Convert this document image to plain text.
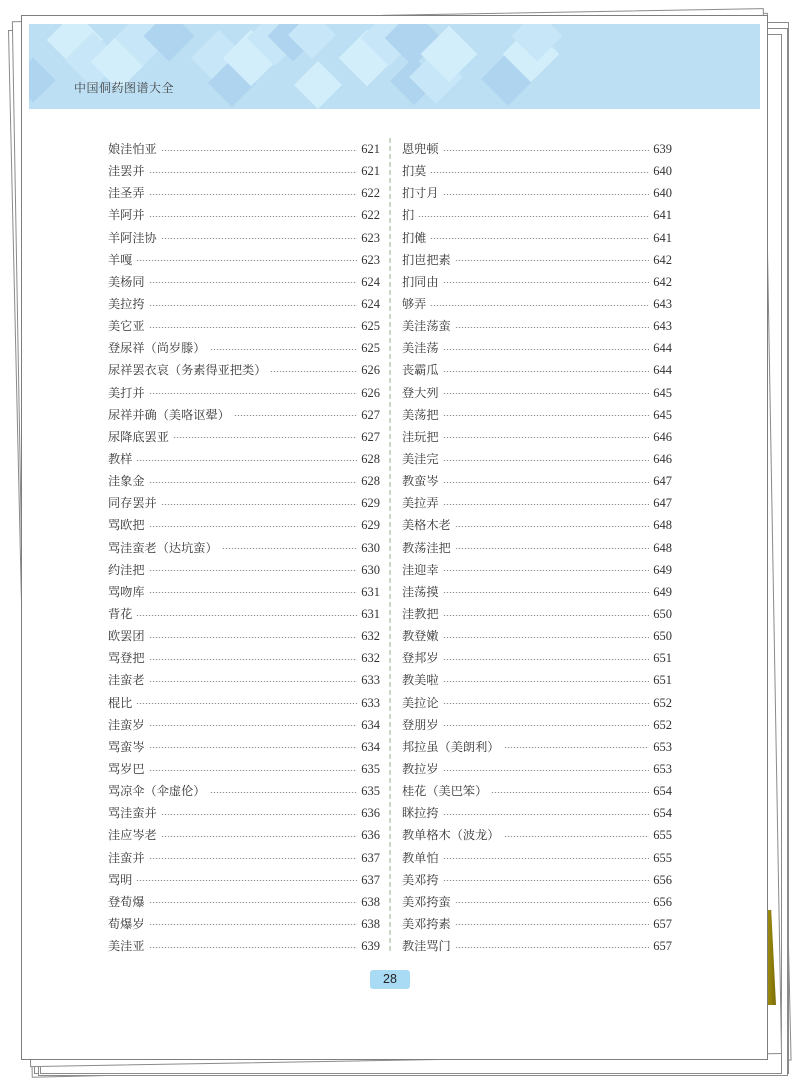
中国侗药图谱大全
娘洼怕亚	621
洼罢并	621
洼圣弄	622
羊阿并	622
羊阿洼协	623
羊嘎	623
美杨同	624
美拉挎	624
美它亚	625
登尿祥（尚岁滕）	625
尿祥罢衣哀（务素得亚把类）	626
美打并	626
尿祥并确（美咯讴翚）	627
尿降底罢亚	627
教样	628
洼象金	628
同存罢并	629
骂欧把	629
骂洼蛮老（达坑蛮）	630
约洼把	630
骂吻库	631
背花	631
欧罢团	632
骂登把	632
洼蛮老	633
棍比	633
洼蛮岁	634
骂蛮岑	634
骂岁巴	635
骂凉伞（伞虚伦）	635
骂洼蛮并	636
洼应岑老	636
洼蛮并	637
骂明	637
登荀爆	638
荀爆岁	638
美洼亚	639
恩兜顿	639
扪莫	640
扪寸月	640
扪	641
扪傩	641
扪岜把素	642
扪同由	642
够弄	643
美洼荡蛮	643
美洼荡	644
丧霸瓜	644
登大列	645
美荡把	645
洼玩把	646
美洼完	646
教蛮岑	647
美拉弄	647
美格木老	648
教荡洼把	648
洼迎幸	649
洼荡摸	649
洼教把	650
教登嫩	650
登邦岁	651
教美啦	651
美拉论	652
登朋岁	652
邦拉虽（美朗利）	653
教拉岁	653
桂花（美巴笨）	654
眯拉挎	654
教单格木（波龙）	655
教单怕	655
美邓挎	656
美邓挎蛮	656
美邓挎素	657
教洼骂门	657
28
